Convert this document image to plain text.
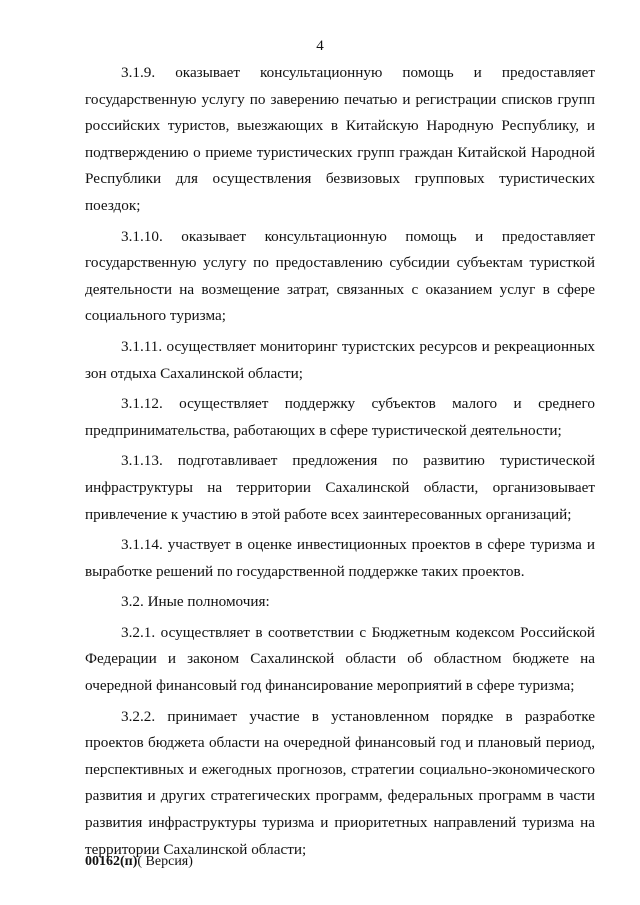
4

3.1.9. оказывает консультационную помощь и предоставляет государственную услугу по заверению печатью и регистрации списков групп российских туристов, выезжающих в Китайскую Народную Республику, и подтверждению о приеме туристических групп граждан Китайской Народной Республики для осуществления безвизовых групповых туристических поездок;

3.1.10. оказывает консультационную помощь и предоставляет государственную услугу по предоставлению субсидии субъектам туристкой деятельности на возмещение затрат, связанных с оказанием услуг в сфере социального туризма;

3.1.11. осуществляет мониторинг туристских ресурсов и рекреационных зон отдыха Сахалинской области;

3.1.12. осуществляет поддержку субъектов малого и среднего предпринимательства, работающих в сфере туристической деятельности;

3.1.13. подготавливает предложения по развитию туристической инфраструктуры на территории Сахалинской области, организовывает привлечение к участию в этой работе всех заинтересованных организаций;

3.1.14. участвует в оценке инвестиционных проектов в сфере туризма и выработке решений по государственной поддержке таких проектов.

3.2. Иные полномочия:

3.2.1. осуществляет в соответствии с Бюджетным кодексом Российской Федерации и законом Сахалинской области об областном бюджете на очередной финансовый год финансирование мероприятий в сфере туризма;

3.2.2. принимает участие в установленном порядке в разработке проектов бюджета области на очередной финансовый год и плановый период, перспективных и ежегодных прогнозов, стратегии социально-экономического развития и других стратегических программ, федеральных программ в части развития инфраструктуры туризма и приоритетных направлений туризма на территории Сахалинской области;

00162(п)( Версия)
